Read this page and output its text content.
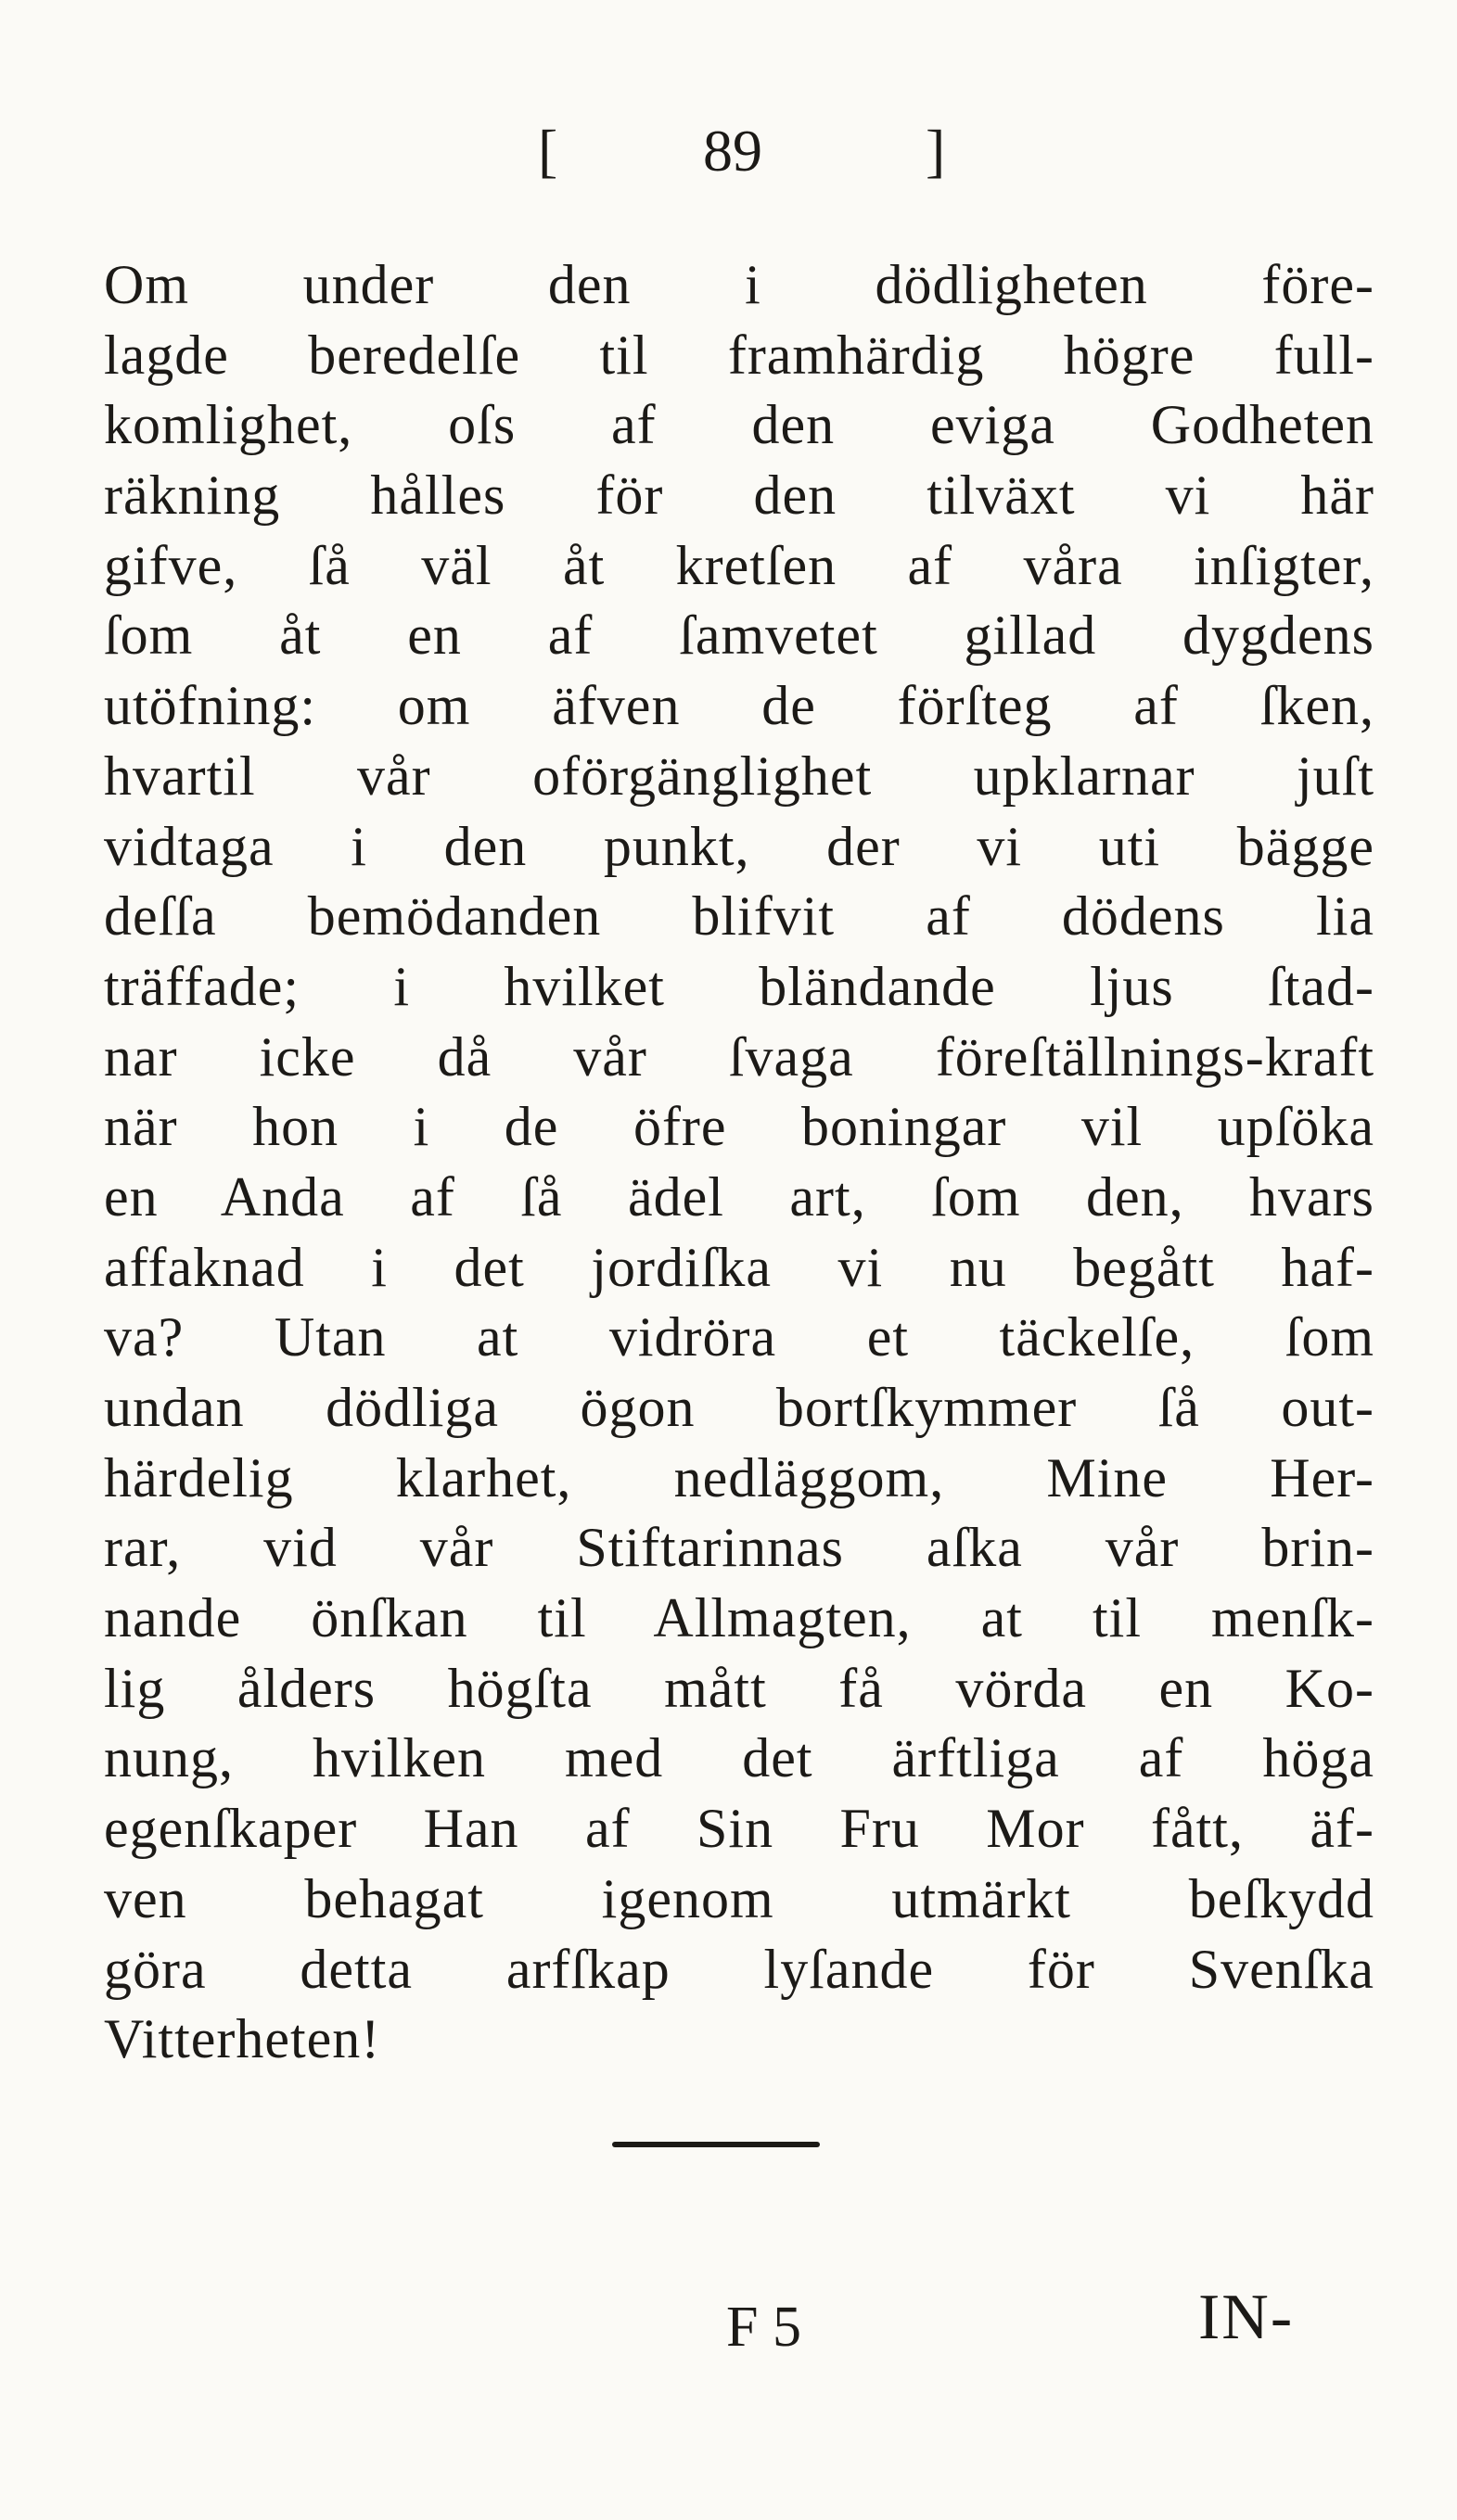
[ 89	]
Om under den i dödligheten före-
lagde beredelſe til framhärdig högre full-
komlighet, oſs af den eviga Godheten
räkning hålles för den tilväxt vi här
gifve, ſå väl åt kretſen af våra inſigter,
ſom åt en af ſamvetet gillad dygdens
utöfning: om äfven de förſteg af ſken,
hvartil vår oförgänglighet upklarnar juſt
vidtaga i den punkt, der vi uti bägge
deſſa bemödanden blifvit af dödens lia
träffade; i hvilket bländande ljus ſtad-
nar icke då vår ſvaga föreſtällnings-kraft
när hon i de öfre boningar vil upſöka
en Anda af ſå ädel art, ſom den, hvars
affaknad i det jordiſka vi nu begått haf-
va? Utan at vidröra et täckelſe, ſom
undan dödliga ögon bortſkymmer ſå out-
härdelig klarhet, nedläggom, Mine Her-
rar, vid vår Stiftarinnas aſka vår brin-
nande önſkan til Allmagten, at til menſk-
lig ålders högſta mått få vörda en Ko-
nung, hvilken med det ärftliga af höga
egenſkaper Han af Sin Fru Mor fått, äf-
ven behagat igenom utmärkt beſkydd
göra detta arfſkap lyſande för Svenſka
Vitterheten!
F 5	IN-
